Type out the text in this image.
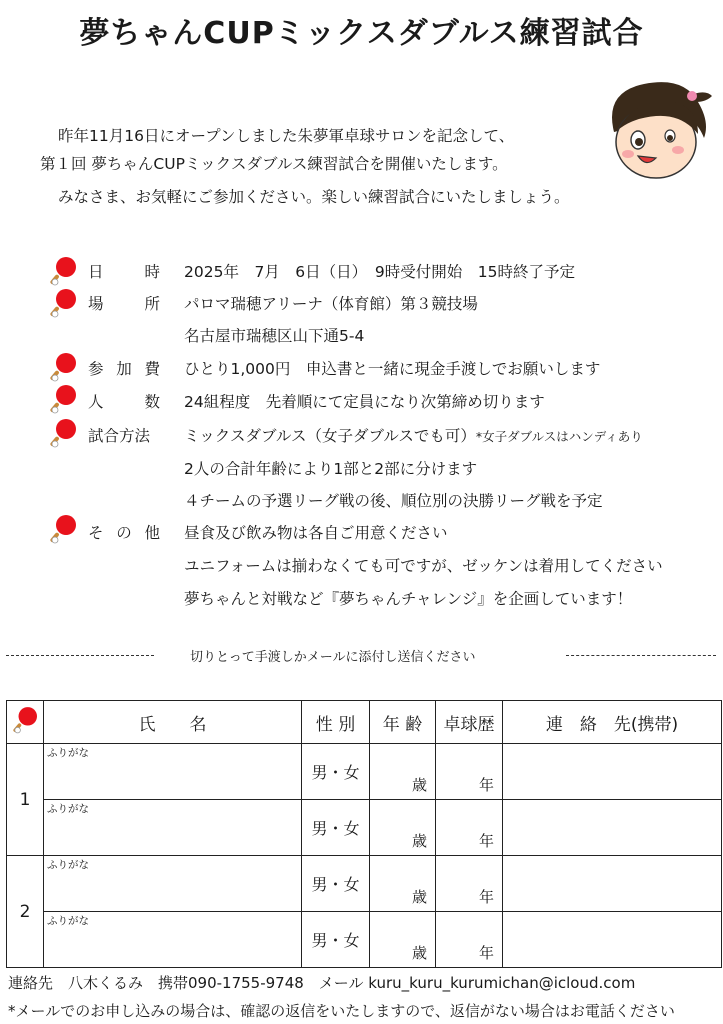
夢ちゃんCUPミックスダブルス練習試合
昨年11月16日にオープンしました朱夢軍卓球サロンを記念して、
第１回 夢ちゃんCUPミックスダブルス練習試合を開催いたします。
みなさま、お気軽にご参加ください。楽しい練習試合にいたしましょう。
日	時 2025年　7月　6日（日）　9時受付開始　15時終了予定
場	所 パロマ瑞穂アリーナ（体育館）第３競技場
名古屋市瑞穂区山下通5-4
参 加 費 ひとり1,000円　申込書と一緒に現金手渡しでお願いします
人	数 24組程度　先着順にて定員になり次第締め切ります
試合方法 ミックスダブルス（女子ダブルスでも可）*女子ダブルスはハンディあり
2人の合計年齢により1部と2部に分けます
４チームの予選リーグ戦の後、順位別の決勝リーグ戦を予定
そ の 他 昼食及び飲み物は各自ご用意ください
ユニフォームは揃わなくても可ですが、ゼッケンは着用してください
夢ちゃんと対戦など『夢ちゃんチャレンジ』を企画しています！
切りとって手渡しかメールに添付し送信ください
	氏　　名	性 別	年 齢	卓球歴	連　絡　先(携帯)
1	ふりがな	男・女	歳	年	
	ふりがな	男・女	歳	年	
2	ふりがな	男・女	歳	年	
	ふりがな	男・女	歳	年	
連絡先　八木くるみ　携帯090-1755-9748　メール kuru_kuru_kurumichan@icloud.com
*メールでのお申し込みの場合は、確認の返信をいたしますので、返信がない場合はお電話ください
